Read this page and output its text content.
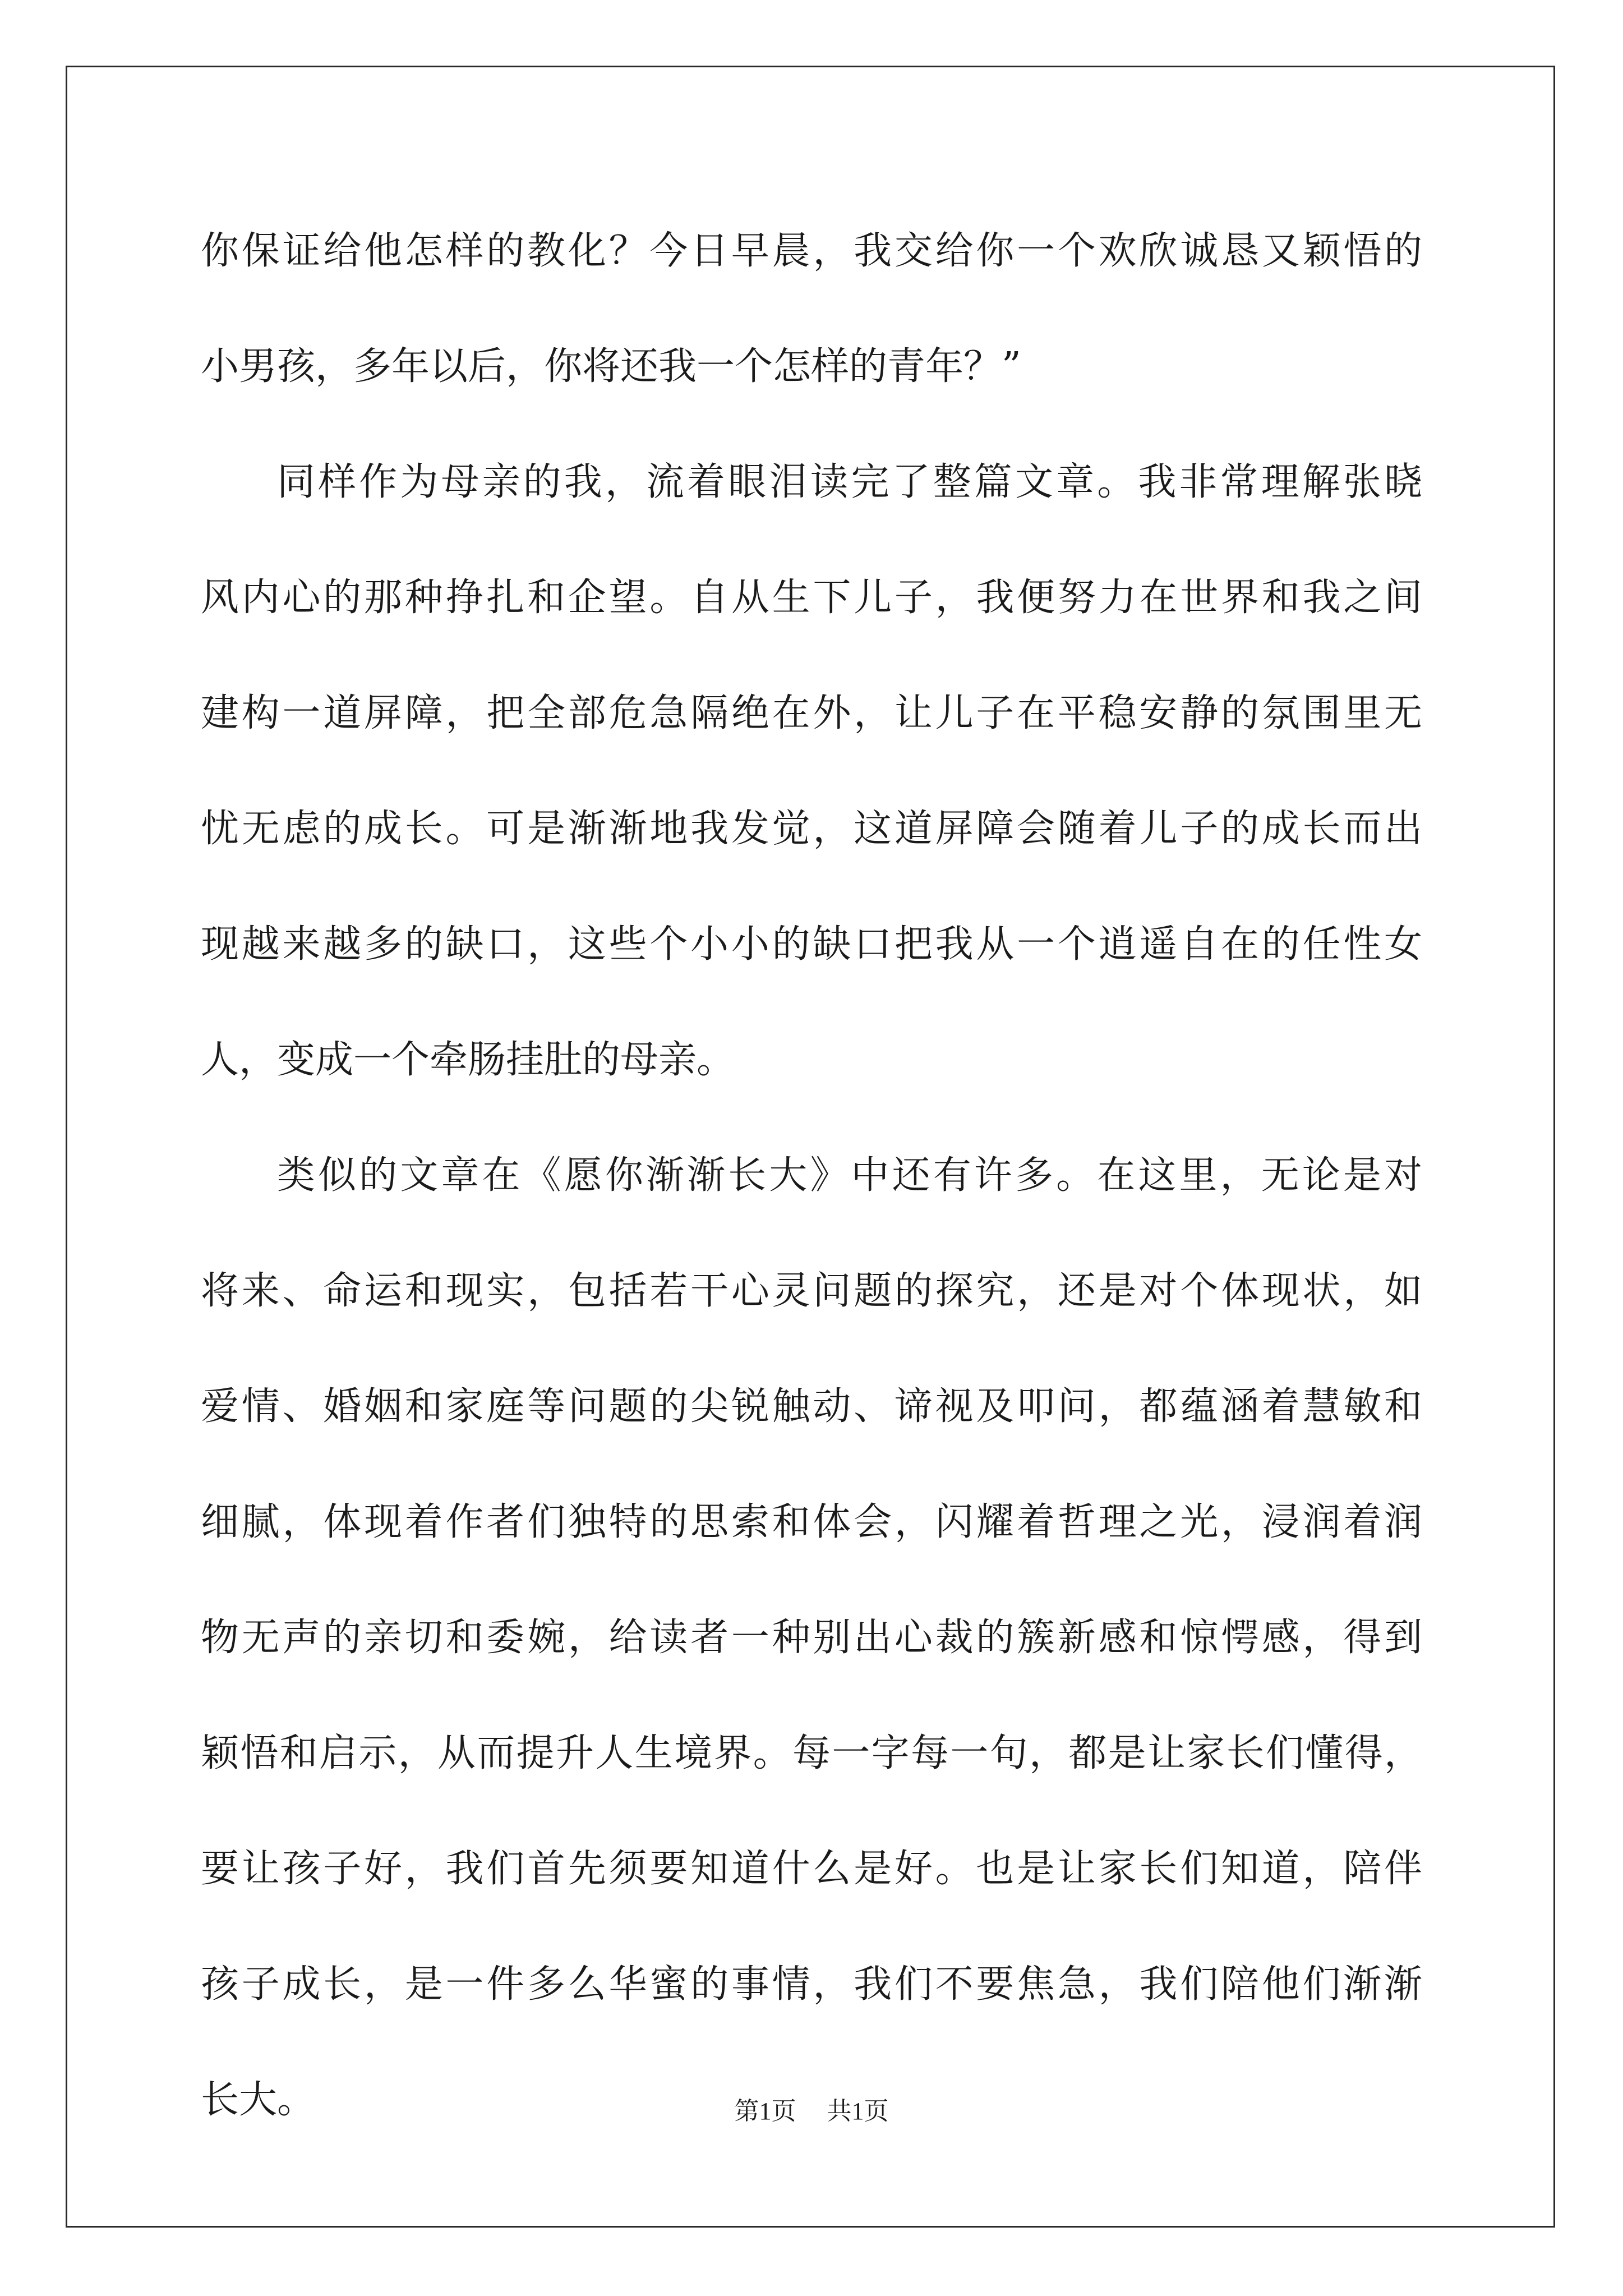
你保证给他怎样的教化？今日早晨，我交给你一个欢欣诚恳又颖悟的
小男孩，多年以后，你将还我一个怎样的青年？”
同样作为母亲的我，流着眼泪读完了整篇文章。我非常理解张晓
风内心的那种挣扎和企望。自从生下儿子，我便努力在世界和我之间
建构一道屏障，把全部危急隔绝在外，让儿子在平稳安静的氛围里无
忧无虑的成长。可是渐渐地我发觉，这道屏障会随着儿子的成长而出
现越来越多的缺口，这些个小小的缺口把我从一个逍遥自在的任性女
人，变成一个牵肠挂肚的母亲。
类似的文章在《愿你渐渐长大》中还有许多。在这里，无论是对
将来、命运和现实，包括若干心灵问题的探究，还是对个体现状，如
爱情、婚姻和家庭等问题的尖锐触动、谛视及叩问，都蕴涵着慧敏和
细腻，体现着作者们独特的思索和体会，闪耀着哲理之光，浸润着润
物无声的亲切和委婉，给读者一种别出心裁的簇新感和惊愕感，得到
颖悟和启示，从而提升人生境界。每一字每一句，都是让家长们懂得，
要让孩子好，我们首先须要知道什么是好。也是让家长们知道，陪伴
孩子成长，是一件多么华蜜的事情，我们不要焦急，我们陪他们渐渐
长大。	第1页 共1页
